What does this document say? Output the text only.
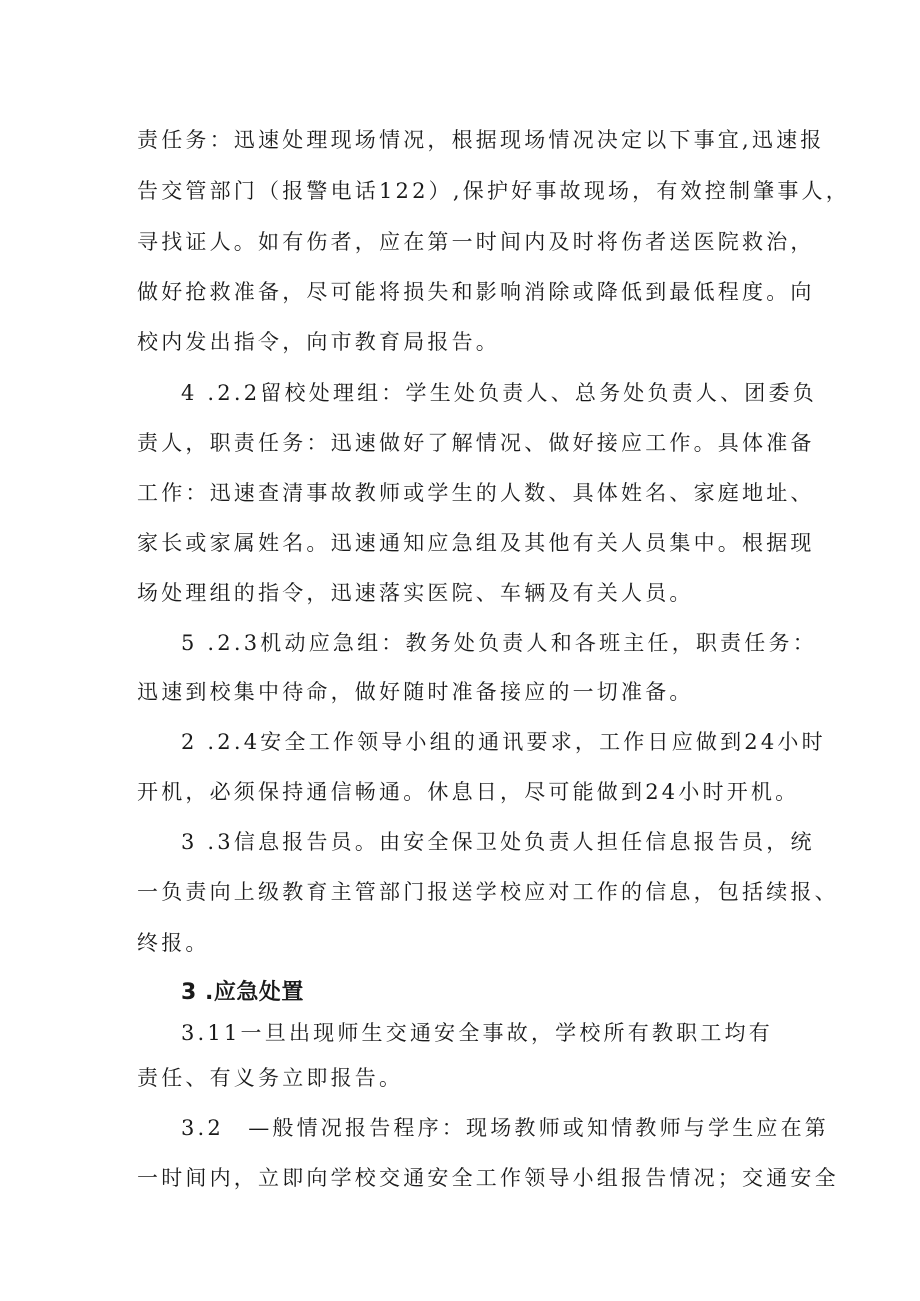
责任务：迅速处理现场情况，根据现场情况决定以下事宜,迅速报
告交管部门（报警电话122）,保护好事故现场，有效控制肇事人，
寻找证人。如有伤者，应在第一时间内及时将伤者送医院救治，
做好抢救准备，尽可能将损失和影响消除或降低到最低程度。向
校内发出指令，向市教育局报告。
4 .2.2留校处理组：学生处负责人、总务处负责人、团委负
责人，职责任务：迅速做好了解情况、做好接应工作。具体准备
工作：迅速查清事故教师或学生的人数、具体姓名、家庭地址、
家长或家属姓名。迅速通知应急组及其他有关人员集中。根据现
场处理组的指令，迅速落实医院、车辆及有关人员。
5 .2.3机动应急组：教务处负责人和各班主任，职责任务：
迅速到校集中待命，做好随时准备接应的一切准备。
2 .2.4安全工作领导小组的通讯要求，工作日应做到24小时
开机，必须保持通信畅通。休息日，尽可能做到24小时开机。
3 .3信息报告员。由安全保卫处负责人担任信息报告员，统
一负责向上级教育主管部门报送学校应对工作的信息，包括续报、
终报。
3 .应急处置
3.11一旦出现师生交通安全事故，学校所有教职工均有
责任、有义务立即报告。
3.2　—般情况报告程序：现场教师或知情教师与学生应在第
一时间内，立即向学校交通安全工作领导小组报告情况；交通安全
